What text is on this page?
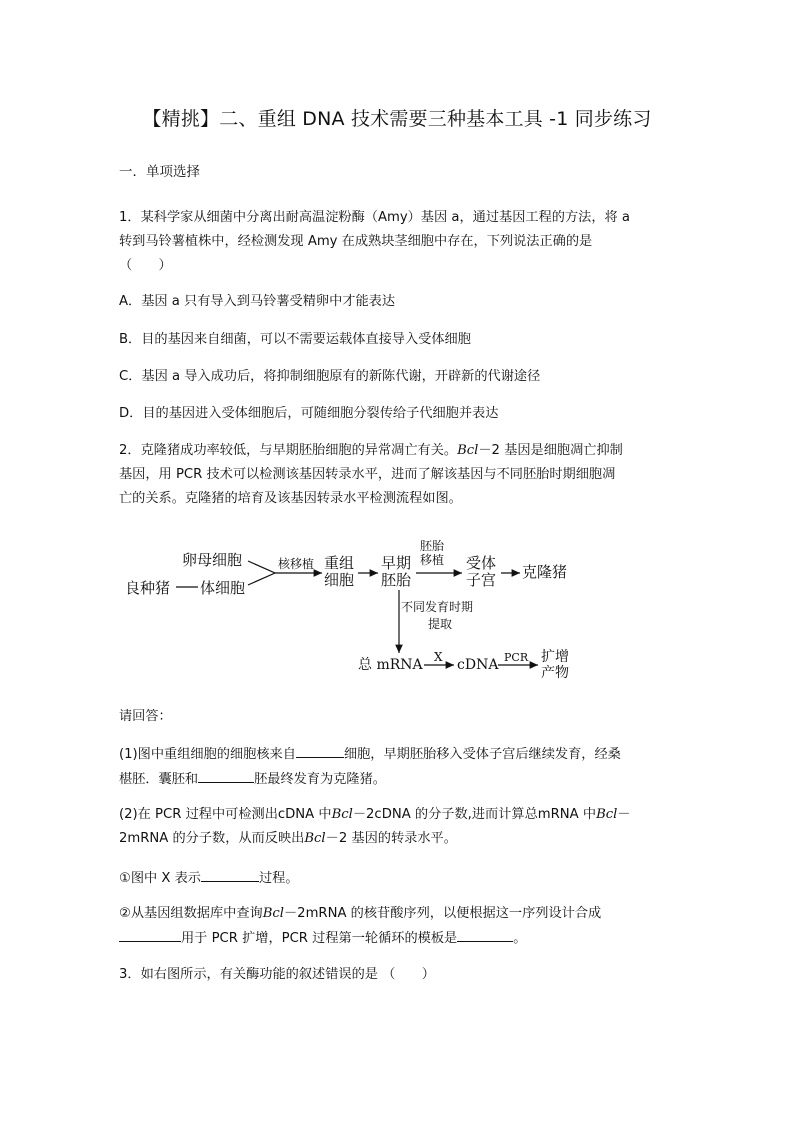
【精挑】二、重组 DNA 技术需要三种基本工具 -1 同步练习
一．单项选择
1．某科学家从细菌中分离出耐高温淀粉酶（Amy）基因 a，通过基因工程的方法，将 a
转到马铃薯植株中，经检测发现 Amy 在成熟块茎细胞中存在，下列说法正确的是
（　　）
A．基因 a 只有导入到马铃薯受精卵中才能表达
B．目的基因来自细菌，可以不需要运载体直接导入受体细胞
C．基因 a 导入成功后，将抑制细胞原有的新陈代谢，开辟新的代谢途径
D．目的基因进入受体细胞后，可随细胞分裂传给子代细胞并表达
2．克隆猪成功率较低，与早期胚胎细胞的异常凋亡有关。Bcl－2 基因是细胞凋亡抑制
基因，用 PCR 技术可以检测该基因转录水平，进而了解该基因与不同胚胎时期细胞凋
亡的关系。克隆猪的培育及该基因转录水平检测流程如图。
卵母细胞
良种猪 体细胞
核移植 重组
细胞
早期
胚胎
胚胎
移植 受体
子宫 克隆猪
不同发育时期
提取
总 mRNA X cDNA PCR 扩增
产物
请回答：
(1)图中重组细胞的细胞核来自	细胞，早期胚胎移入受体子宫后继续发育，经桑
椹胚．囊胚和	胚最终发育为克隆猪。
(2)在 PCR 过程中可检测出cDNA 中Bcl－2cDNA 的分子数,进而计算总mRNA 中Bcl－
2mRNA 的分子数，从而反映出Bcl－2 基因的转录水平。
①图中 X 表示	过程。
②从基因组数据库中查询Bcl－2mRNA 的核苷酸序列，以便根据这一序列设计合成
用于 PCR 扩增，PCR 过程第一轮循环的模板是	。
3．如右图所示，有关酶功能的叙述错误的是 （　　）
